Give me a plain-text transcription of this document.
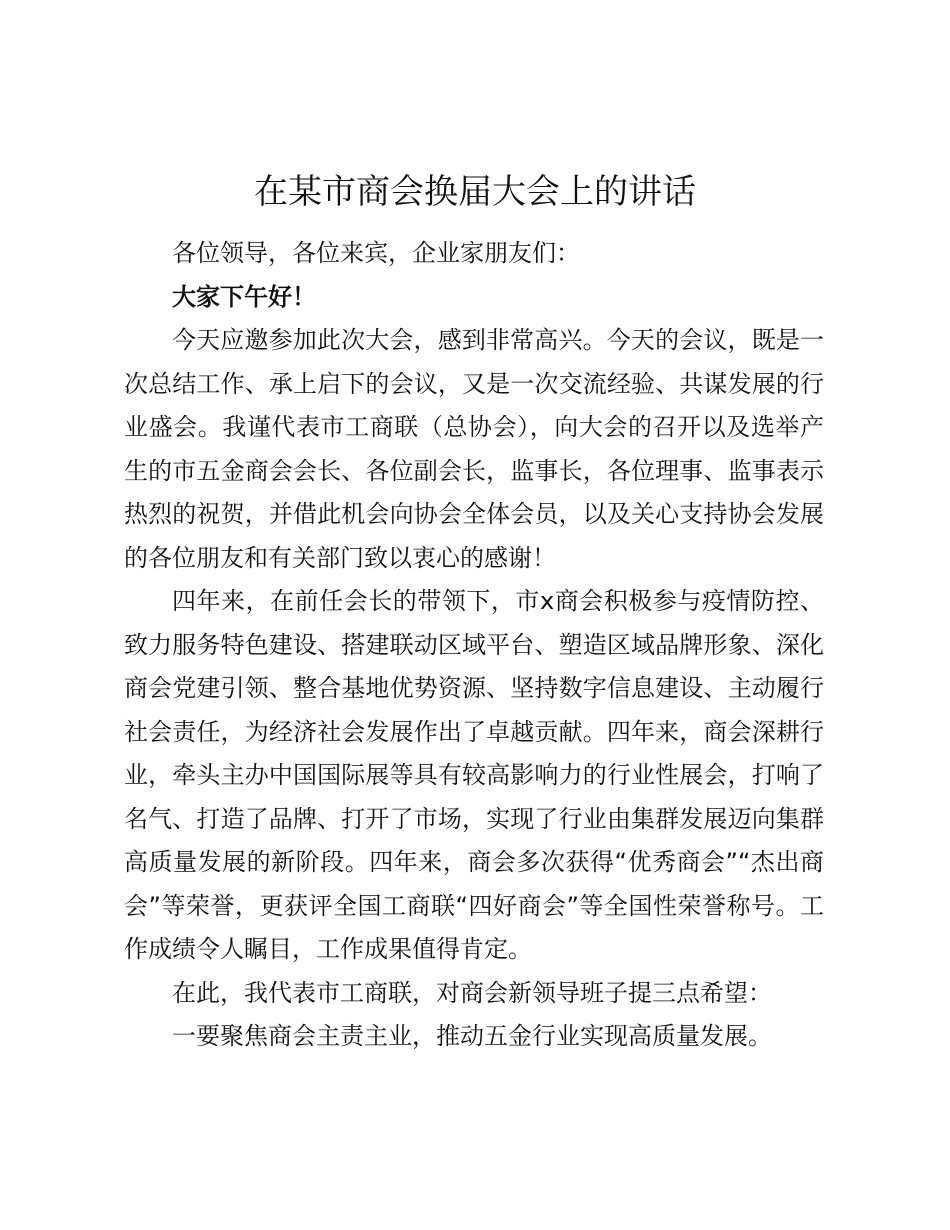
在某市商会换届大会上的讲话

各位领导，各位来宾，企业家朋友们：

大家下午好！

今天应邀参加此次大会，感到非常高兴。今天的会议，既是一次总结工作、承上启下的会议，又是一次交流经验、共谋发展的行业盛会。我谨代表市工商联（总协会），向大会的召开以及选举产生的市五金商会会长、各位副会长，监事长，各位理事、监事表示热烈的祝贺，并借此机会向协会全体会员，以及关心支持协会发展的各位朋友和有关部门致以衷心的感谢！

四年来，在前任会长的带领下，市x商会积极参与疫情防控、致力服务特色建设、搭建联动区域平台、塑造区域品牌形象、深化商会党建引领、整合基地优势资源、坚持数字信息建设、主动履行社会责任，为经济社会发展作出了卓越贡献。四年来，商会深耕行业，牵头主办中国国际展等具有较高影响力的行业性展会，打响了名气、打造了品牌、打开了市场，实现了行业由集群发展迈向集群高质量发展的新阶段。四年来，商会多次获得“优秀商会”“杰出商会”等荣誉，更获评全国工商联“四好商会”等全国性荣誉称号。工作成绩令人瞩目，工作成果值得肯定。

在此，我代表市工商联，对商会新领导班子提三点希望：

一要聚焦商会主责主业，推动五金行业实现高质量发展。
